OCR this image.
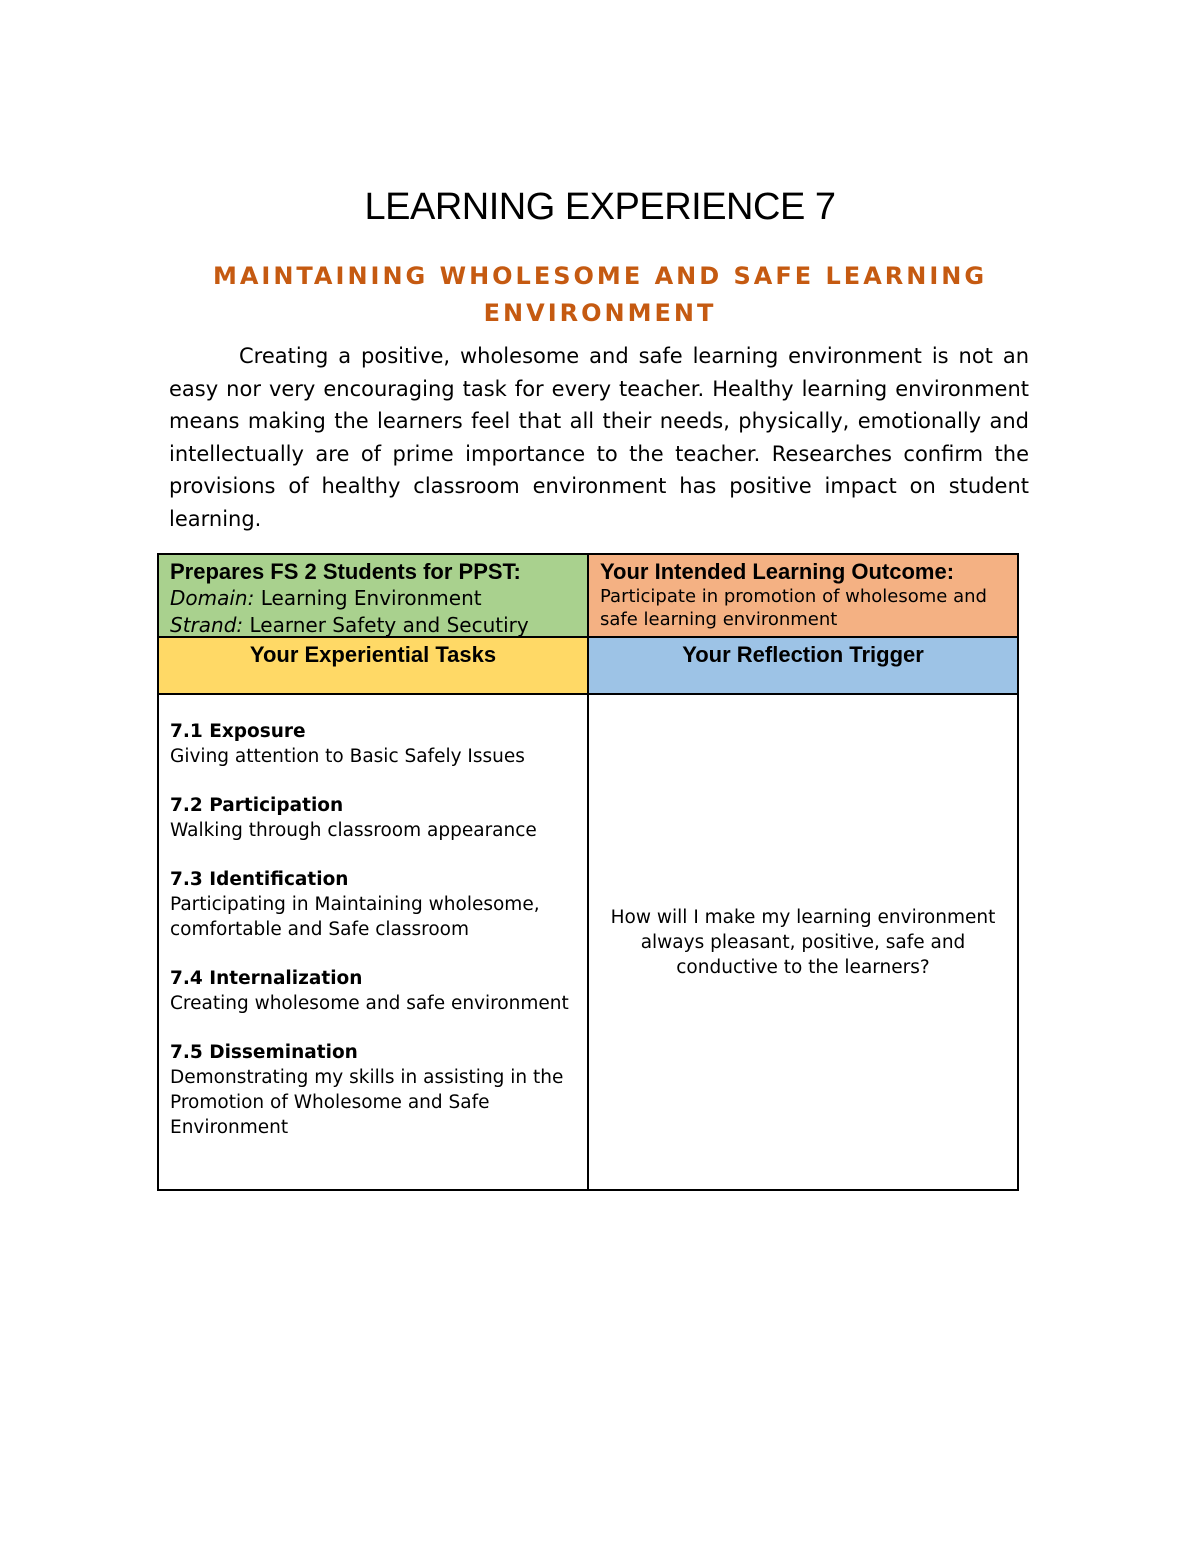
LEARNING EXPERIENCE 7
MAINTAINING WHOLESOME AND SAFE LEARNING
ENVIRONMENT

Creating a positive, wholesome and safe learning environment is not an easy nor very encouraging task for every teacher. Healthy learning environment means making the learners feel that all their needs, physically, emotionally and intellectually are of prime importance to the teacher. Researches confirm the provisions of healthy classroom environment has positive impact on student learning.

Prepares FS 2 Students for PPST:
Domain: Learning Environment
Strand: Learner Safety and Secutiry
Your Intended Learning Outcome:
Participate in promotion of wholesome and safe learning environment
Your Experiential Tasks	Your Reflection Trigger
7.1 Exposure
Giving attention to Basic Safely Issues
7.2 Participation
Walking through classroom appearance
7.3 Identification
Participating in Maintaining wholesome, comfortable and Safe classroom
7.4 Internalization
Creating wholesome and safe environment
7.5 Dissemination
Demonstrating my skills in assisting in the Promotion of Wholesome and Safe Environment
How will I make my learning environment always pleasant, positive, safe and conductive to the learners?
